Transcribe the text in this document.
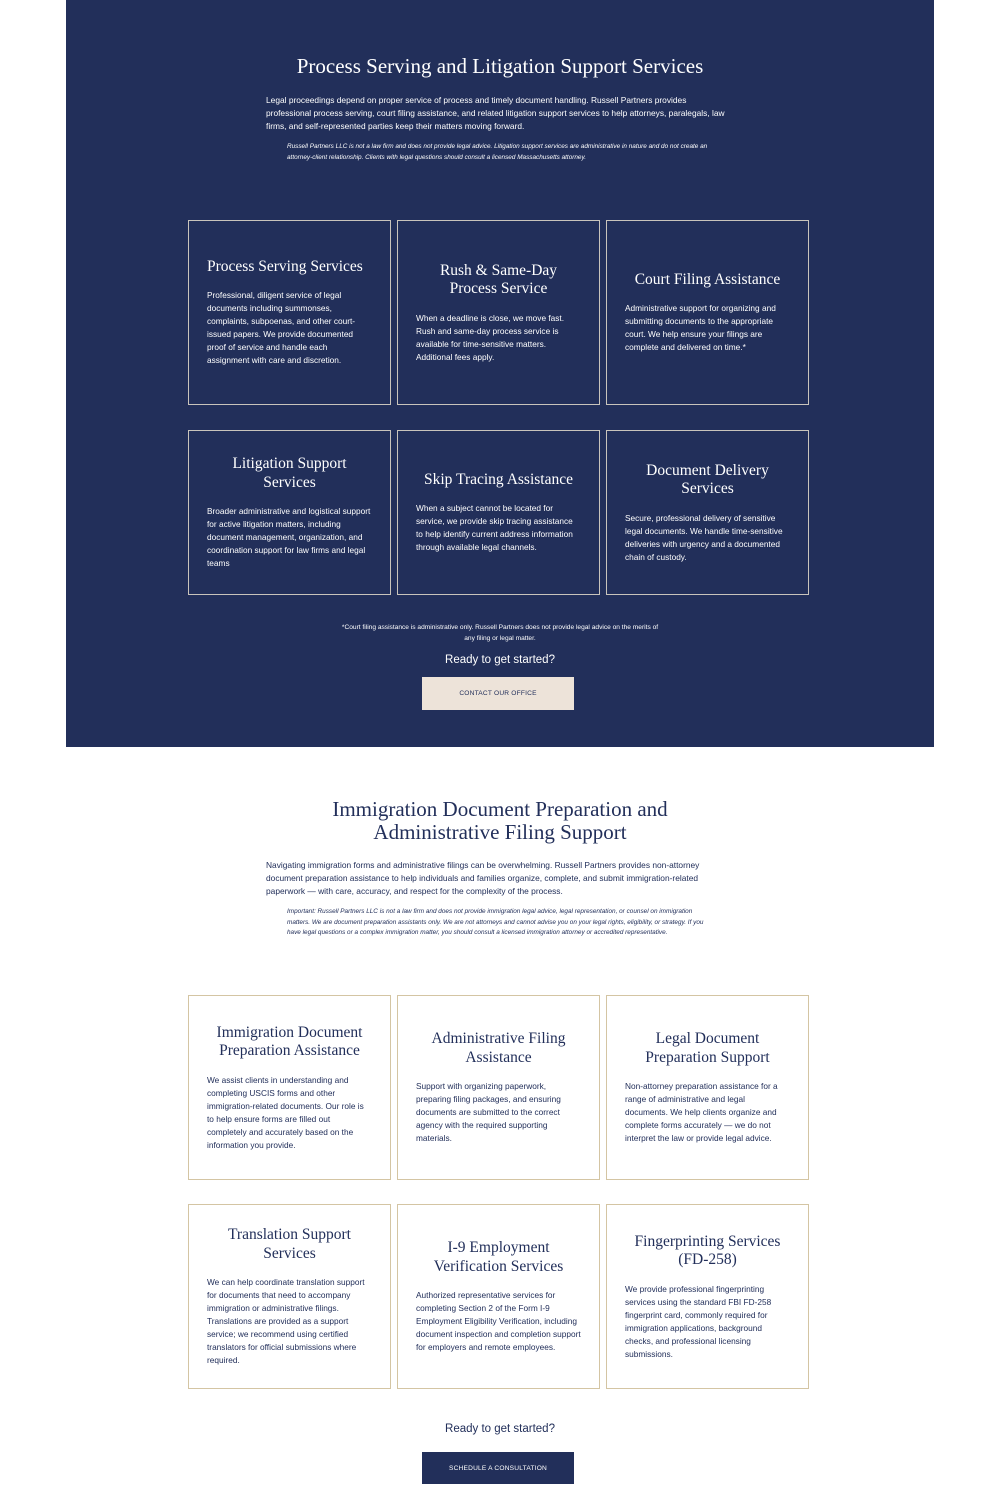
Process Serving and Litigation Support Services

Legal proceedings depend on proper service of process and timely document handling. Russell Partners provides professional process serving, court filing assistance, and related litigation support services to help attorneys, paralegals, law firms, and self-represented parties keep their matters moving forward.

Russell Partners LLC is not a law firm and does not provide legal advice. Litigation support services are administrative in nature and do not create an attorney-client relationship. Clients with legal questions should consult a licensed Massachusetts attorney.

Process Serving Services

Professional, diligent service of legal documents including summonses, complaints, subpoenas, and other court-issued papers. We provide documented proof of service and handle each assignment with care and discretion.

Rush & Same-Day Process Service

When a deadline is close, we move fast. Rush and same-day process service is available for time-sensitive matters. Additional fees apply.

Court Filing Assistance

Administrative support for organizing and submitting documents to the appropriate court. We help ensure your filings are complete and delivered on time.*

Litigation Support Services

Broader administrative and logistical support for active litigation matters, including document management, organization, and coordination support for law firms and legal teams

Skip Tracing Assistance

When a subject cannot be located for service, we provide skip tracing assistance to help identify current address information through available legal channels.

Document Delivery Services

Secure, professional delivery of sensitive legal documents. We handle time-sensitive deliveries with urgency and a documented chain of custody.

*Court filing assistance is administrative only. Russell Partners does not provide legal advice on the merits of any filing or legal matter.

Ready to get started?

CONTACT OUR OFFICE
Immigration Document Preparation and
Administrative Filing Support

Navigating immigration forms and administrative filings can be overwhelming. Russell Partners provides non-attorney document preparation assistance to help individuals and families organize, complete, and submit immigration-related paperwork — with care, accuracy, and respect for the complexity of the process.

Important: Russell Partners LLC is not a law firm and does not provide immigration legal advice, legal representation, or counsel on immigration matters. We are document preparation assistants only. We are not attorneys and cannot advise you on your legal rights, eligibility, or strategy. If you have legal questions or a complex immigration matter, you should consult a licensed immigration attorney or accredited representative.

Immigration Document Preparation Assistance

We assist clients in understanding and completing USCIS forms and other immigration-related documents. Our role is to help ensure forms are filled out completely and accurately based on the information you provide.

Administrative Filing Assistance

Support with organizing paperwork, preparing filing packages, and ensuring documents are submitted to the correct agency with the required supporting materials.

Legal Document Preparation Support

Non-attorney preparation assistance for a range of administrative and legal documents. We help clients organize and complete forms accurately — we do not interpret the law or provide legal advice.

Translation Support Services

We can help coordinate translation support for documents that need to accompany immigration or administrative filings. Translations are provided as a support service; we recommend using certified translators for official submissions where required.

I-9 Employment Verification Services

Authorized representative services for completing Section 2 of the Form I-9 Employment Eligibility Verification, including document inspection and completion support for employers and remote employees.

Fingerprinting Services (FD-258)

We provide professional fingerprinting services using the standard FBI FD-258 fingerprint card, commonly required for immigration applications, background checks, and professional licensing submissions.

Ready to get started?

SCHEDULE A CONSULTATION
